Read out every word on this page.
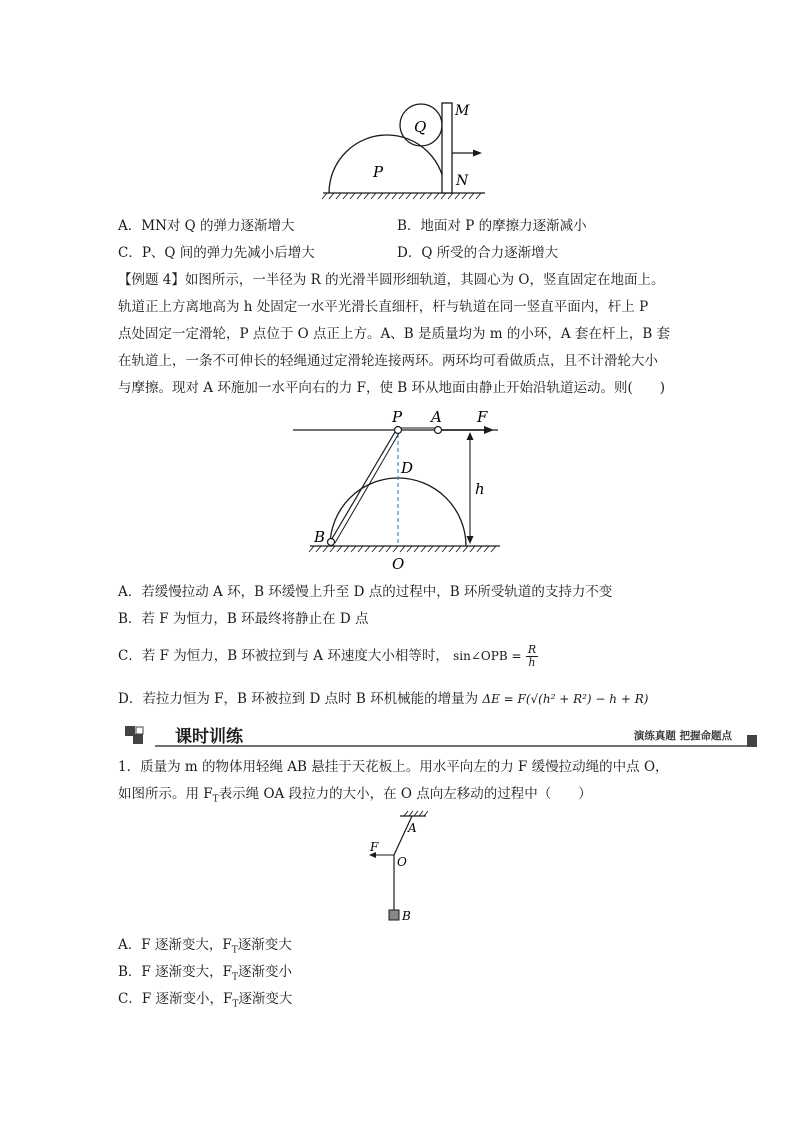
Q
P
M
N
A．MN对 Q 的弹力逐渐增大	B．地面对 P 的摩擦力逐渐减小
C．P、Q 间的弹力先减小后增大	D．Q 所受的合力逐渐增大
【例题 4】如图所示，一半径为 R 的光滑半圆形细轨道，其圆心为 O，竖直固定在地面上。
轨道正上方离地高为 h 处固定一水平光滑长直细杆，杆与轨道在同一竖直平面内，杆上 P
点处固定一定滑轮，P 点位于 O 点正上方。A、B 是质量均为 m 的小环，A 套在杆上，B 套
在轨道上，一条不可伸长的轻绳通过定滑轮连接两环。两环均可看做质点，且不计滑轮大小
与摩擦。现对 A 环施加一水平向右的力 F，使 B 环从地面由静止开始沿轨道运动。则(　　)
P A F
D
h
B
O
A．若缓慢拉动 A 环，B 环缓慢上升至 D 点的过程中，B 环所受轨道的支持力不变
B．若 F 为恒力，B 环最终将静止在 D 点
C．若 F 为恒力，B 环被拉到与 A 环速度大小相等时， sin∠OPB = $\frac{R}{h}$
D．若拉力恒为 F，B 环被拉到 D 点时 B 环机械能的增量为 ΔE = F(√(h² + R²) − h + R)
课时训练	演练真题 把握命题点
1．质量为 m 的物体用轻绳 AB 悬挂于天花板上。用水平向左的力 F 缓慢拉动绳的中点 O，
如图所示。用 $F_T$表示绳 OA 段拉力的大小，在 O 点向左移动的过程中（　　）
A
F
O
B
A．F 逐渐变大，$F_T$逐渐变大
B．F 逐渐变大，$F_T$逐渐变小
C．F 逐渐变小，$F_T$逐渐变大
